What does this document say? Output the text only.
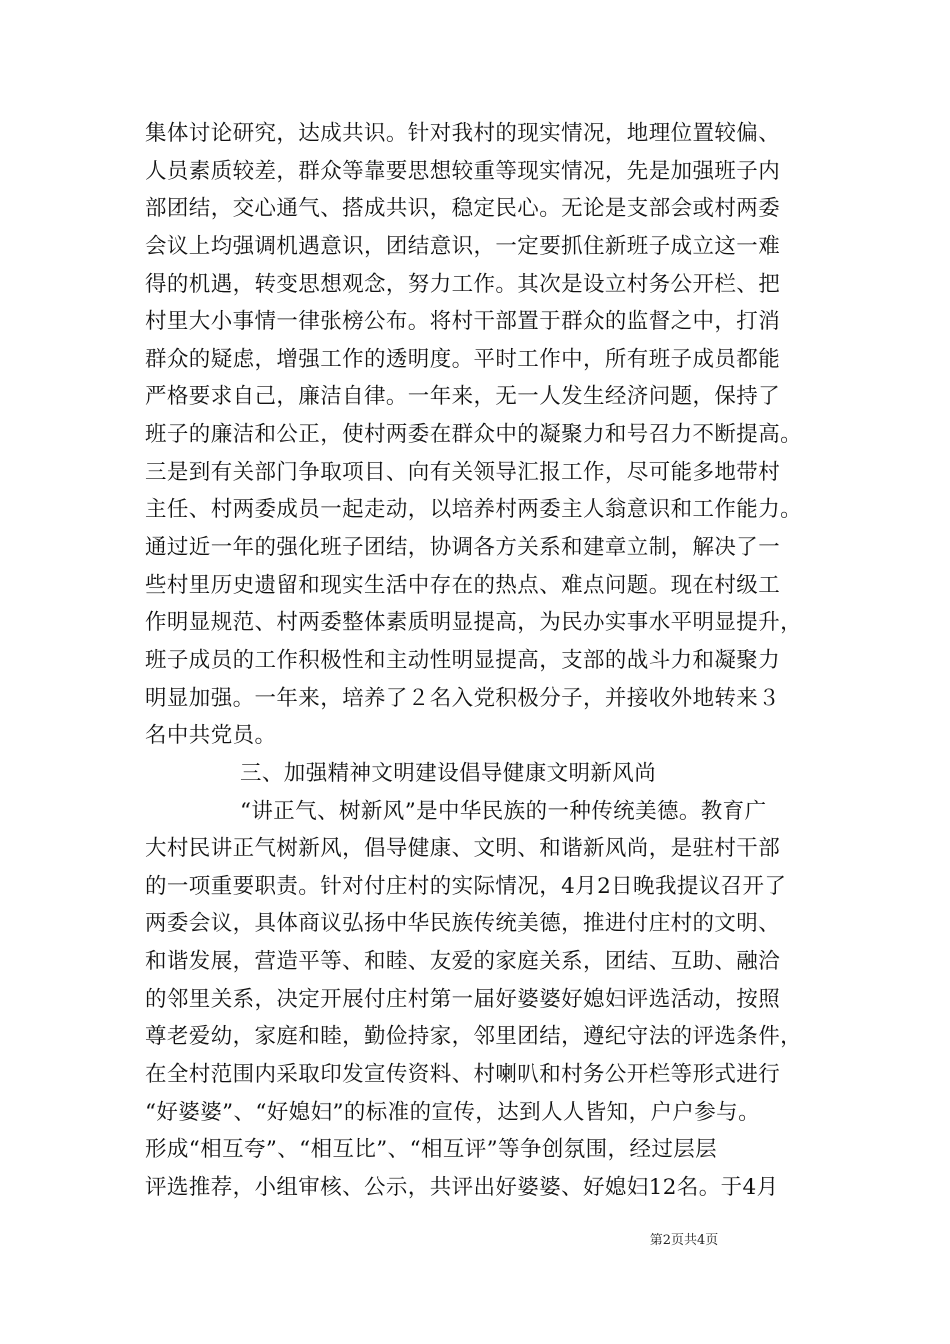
集体讨论研究，达成共识。针对我村的现实情况，地理位置较偏、
人员素质较差，群众等靠要思想较重等现实情况，先是加强班子内
部团结，交心通气、搭成共识，稳定民心。无论是支部会或村两委
会议上均强调机遇意识，团结意识，一定要抓住新班子成立这一难
得的机遇，转变思想观念，努力工作。其次是设立村务公开栏、把
村里大小事情一律张榜公布。将村干部置于群众的监督之中，打消
群众的疑虑，增强工作的透明度。平时工作中，所有班子成员都能
严格要求自己，廉洁自律。一年来，无一人发生经济问题，保持了
班子的廉洁和公正，使村两委在群众中的凝聚力和号召力不断提高。
三是到有关部门争取项目、向有关领导汇报工作，尽可能多地带村
主任、村两委成员一起走动，以培养村两委主人翁意识和工作能力。
通过近一年的强化班子团结，协调各方关系和建章立制，解决了一
些村里历史遗留和现实生活中存在的热点、难点问题。现在村级工
作明显规范、村两委整体素质明显提高，为民办实事水平明显提升，
班子成员的工作积极性和主动性明显提高，支部的战斗力和凝聚力
明显加强。一年来，培养了２名入党积极分子，并接收外地转来３
名中共党员。
三、加强精神文明建设倡导健康文明新风尚
“讲正气、树新风”是中华民族的一种传统美德。教育广
大村民讲正气树新风，倡导健康、文明、和谐新风尚，是驻村干部
的一项重要职责。针对付庄村的实际情况，4月2日晚我提议召开了
两委会议，具体商议弘扬中华民族传统美德，推进付庄村的文明、
和谐发展，营造平等、和睦、友爱的家庭关系，团结、互助、融洽
的邻里关系，决定开展付庄村第一届好婆婆好媳妇评选活动，按照
尊老爱幼，家庭和睦，勤俭持家，邻里团结，遵纪守法的评选条件，
在全村范围内采取印发宣传资料、村喇叭和村务公开栏等形式进行
“好婆婆”、“好媳妇”的标准的宣传，达到人人皆知，户户参与。
形成“相互夸”、“相互比”、“相互评”等争创氛围，经过层层
评选推荐，小组审核、公示，共评出好婆婆、好媳妇12名。于4月
第2页共4页
